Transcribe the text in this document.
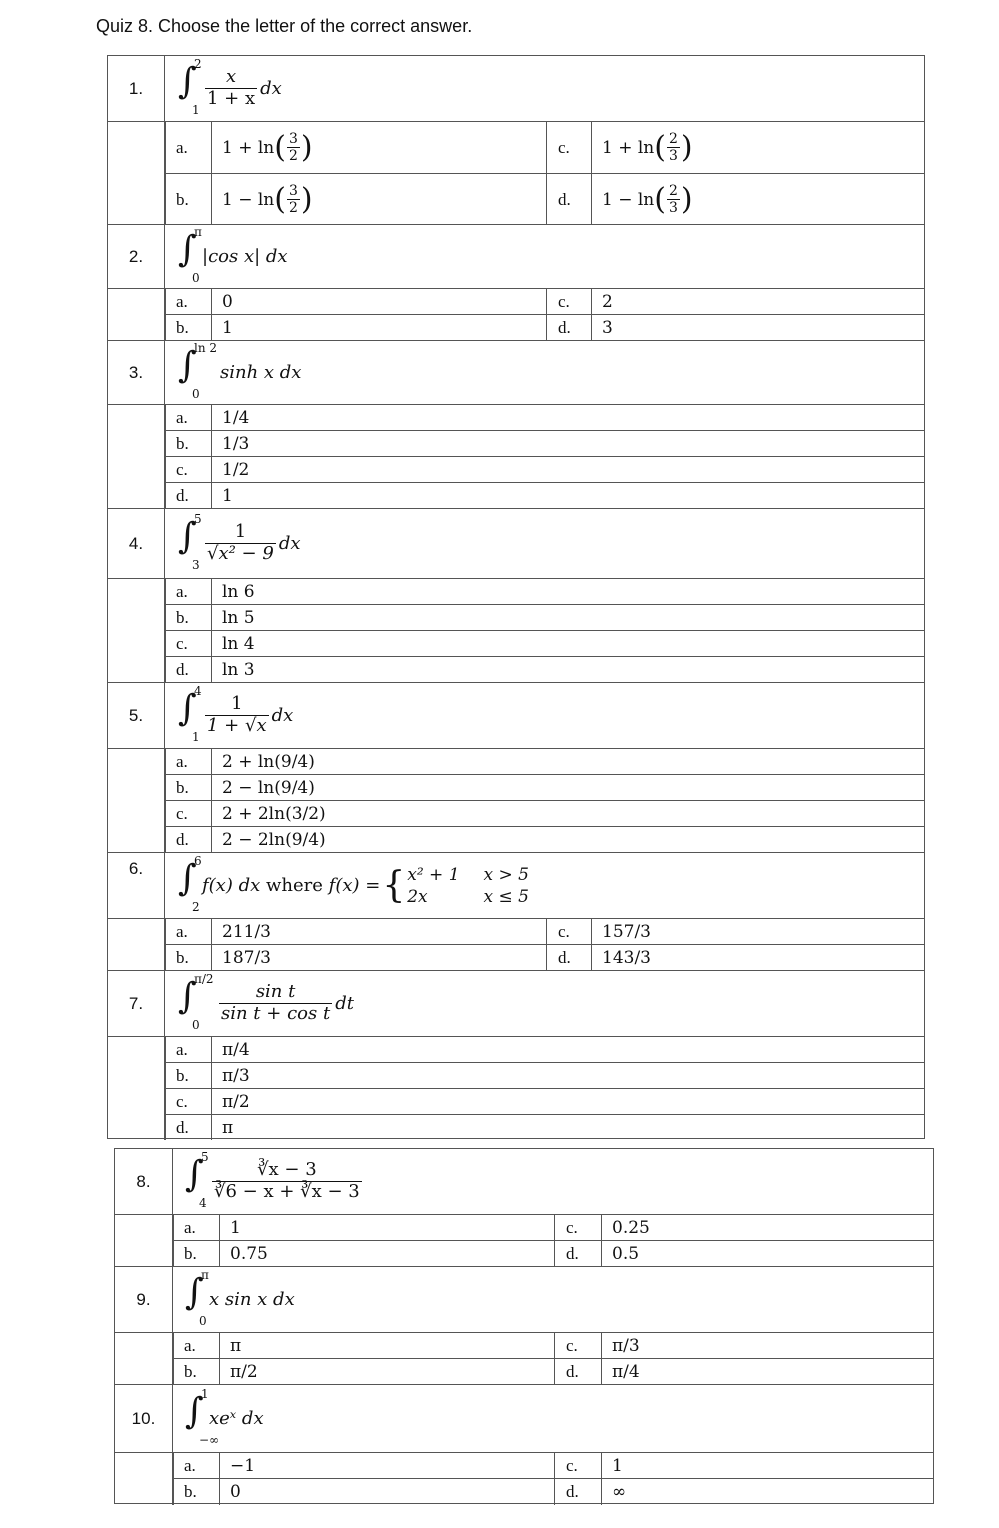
Quiz 8. Choose the letter of the correct answer.
1. ∫
2
$1 \frac{x}{1 + x}$ dx
a. 1 + ln ( $\frac{3}{2}$ )	c. 1 + ln ( $\frac{2}{3}$ )
b. 1 − ln ( $\frac{3}{2}$ )	d. 1 − ln ( $\frac{2}{3}$ )
2. ∫
π
0
|cos x| dx
a. 0	c. 2
b. 1	d. 3
3. ∫
ln 2
0
sinh x dx
a. 1/4
b. 1/3
c. 1/2
d. 1
4. ∫
5
$3 \frac{1}{\text{√x² − 9}}$ dx
a. ln 6
b. ln 5
c. ln 4
d. ln 3
5. ∫
4
$1 \frac{1}{1 + √x}$ dx
a. 2 + ln(9/4)
b. 2 − ln(9/4)
c. 2 + 2ln(3/2)
d. 2 − 2ln(9/4)
6. ∫
6
2
f(x) dx
where
f(x) = { x² + 1 x > 5
2x	x ≤ 5
a. 211/3	c. 157/3
b. 187/3	d. 143/3
7. ∫
π/2
$0 \frac{\text{sin t}}{\text{sin t + cos t}}$ dt
a. π/4
b. π/3
c. π/2
d. π
8. ∫
5
$4 \frac{∛x - 3}{∛6 - x + ∛x - 3}$
a. 1	c. 0.25
b. 0.75	d. 0.5
9. ∫
π
0
x sin x dx
a. π	c. π/3
b. π/2	d. π/4
10. ∫
1
−∞
xeˣ dx
a. −1	c. 1
b. 0	d. ∞
